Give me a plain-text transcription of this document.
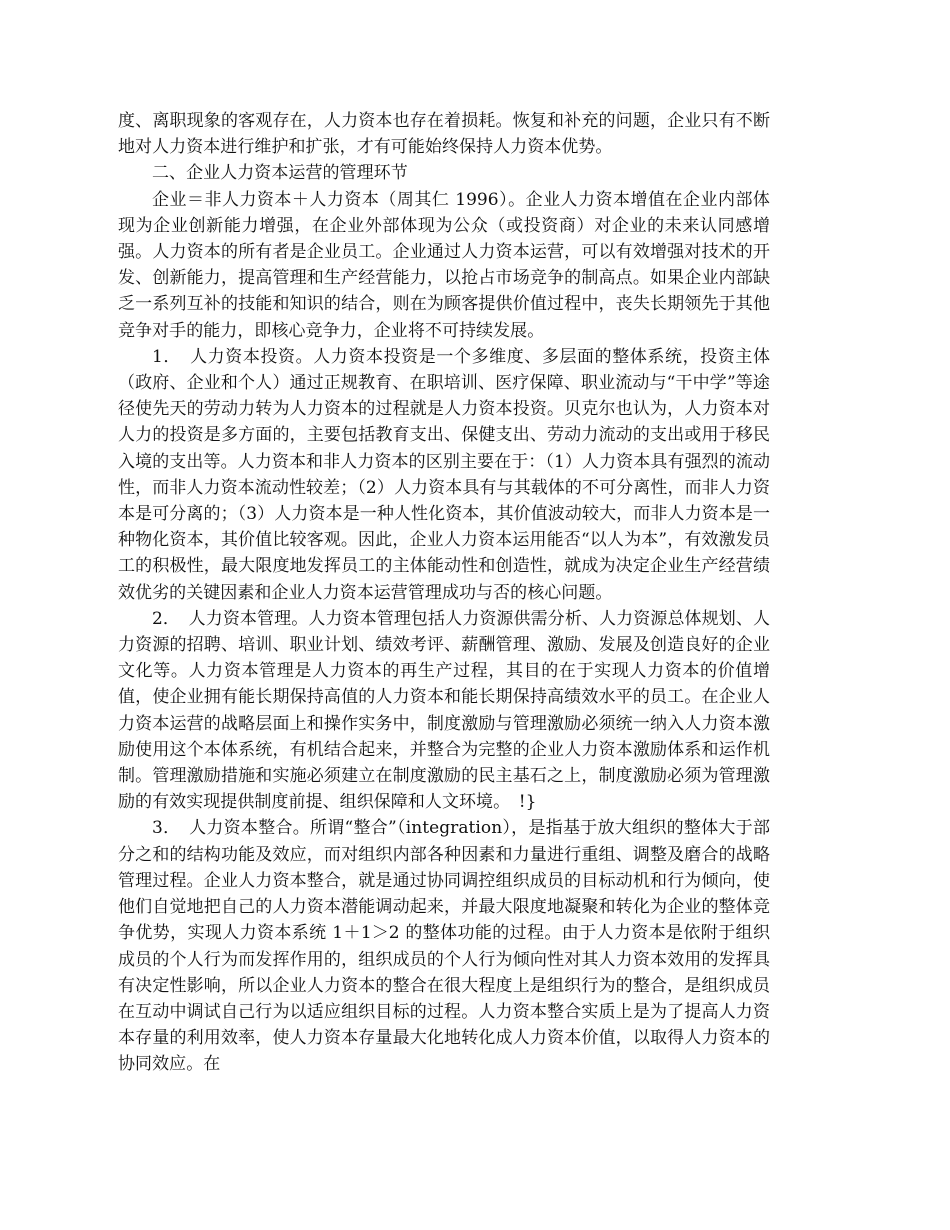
度、离职现象的客观存在，人力资本也存在着损耗。恢复和补充的问题，企业只有不断地对人力资本进行维护和扩张，才有可能始终保持人力资本优势。

二、企业人力资本运营的管理环节

企业＝非人力资本＋人力资本（周其仁 1996）。企业人力资本增值在企业内部体现为企业创新能力增强，在企业外部体现为公众（或投资商）对企业的未来认同感增强。人力资本的所有者是企业员工。企业通过人力资本运营，可以有效增强对技术的开发、创新能力，提高管理和生产经营能力，以抢占市场竞争的制高点。如果企业内部缺乏一系列互补的技能和知识的结合，则在为顾客提供价值过程中，丧失长期领先于其他竞争对手的能力，即核心竞争力，企业将不可持续发展。

1．　人力资本投资。人力资本投资是一个多维度、多层面的整体系统，投资主体（政府、企业和个人）通过正规教育、在职培训、医疗保障、职业流动与“干中学”等途径使先天的劳动力转为人力资本的过程就是人力资本投资。贝克尔也认为，人力资本对人力的投资是多方面的，主要包括教育支出、保健支出、劳动力流动的支出或用于移民入境的支出等。人力资本和非人力资本的区别主要在于：（1）人力资本具有强烈的流动性，而非人力资本流动性较差；（2）人力资本具有与其载体的不可分离性，而非人力资本是可分离的；（3）人力资本是一种人性化资本，其价值波动较大，而非人力资本是一种物化资本，其价值比较客观。因此，企业人力资本运用能否“以人为本”，有效激发员工的积极性，最大限度地发挥员工的主体能动性和创造性，就成为决定企业生产经营绩效优劣的关键因素和企业人力资本运营管理成功与否的核心问题。

2．　人力资本管理。人力资本管理包括人力资源供需分析、人力资源总体规划、人力资源的招聘、培训、职业计划、绩效考评、薪酬管理、激励、发展及创造良好的企业文化等。人力资本管理是人力资本的再生产过程，其目的在于实现人力资本的价值增值，使企业拥有能长期保持高值的人力资本和能长期保持高绩效水平的员工。在企业人力资本运营的战略层面上和操作实务中，制度激励与管理激励必须统一纳入人力资本激励使用这个本体系统，有机结合起来，并整合为完整的企业人力资本激励体系和运作机制。管理激励措施和实施必须建立在制度激励的民主基石之上，制度激励必须为管理激励的有效实现提供制度前提、组织保障和人文环境。　!}

3．　人力资本整合。所谓“整合”（integration），是指基于放大组织的整体大于部分之和的结构功能及效应，而对组织内部各种因素和力量进行重组、调整及磨合的战略管理过程。企业人力资本整合，就是通过协同调控组织成员的目标动机和行为倾向，使他们自觉地把自己的人力资本潜能调动起来，并最大限度地凝聚和转化为企业的整体竞争优势，实现人力资本系统 1＋1＞2 的整体功能的过程。由于人力资本是依附于组织成员的个人行为而发挥作用的，组织成员的个人行为倾向性对其人力资本效用的发挥具有决定性影响，所以企业人力资本的整合在很大程度上是组织行为的整合，是组织成员在互动中调试自己行为以适应组织目标的过程。人力资本整合实质上是为了提高人力资本存量的利用效率，使人力资本存量最大化地转化成人力资本价值，以取得人力资本的协同效应。在
